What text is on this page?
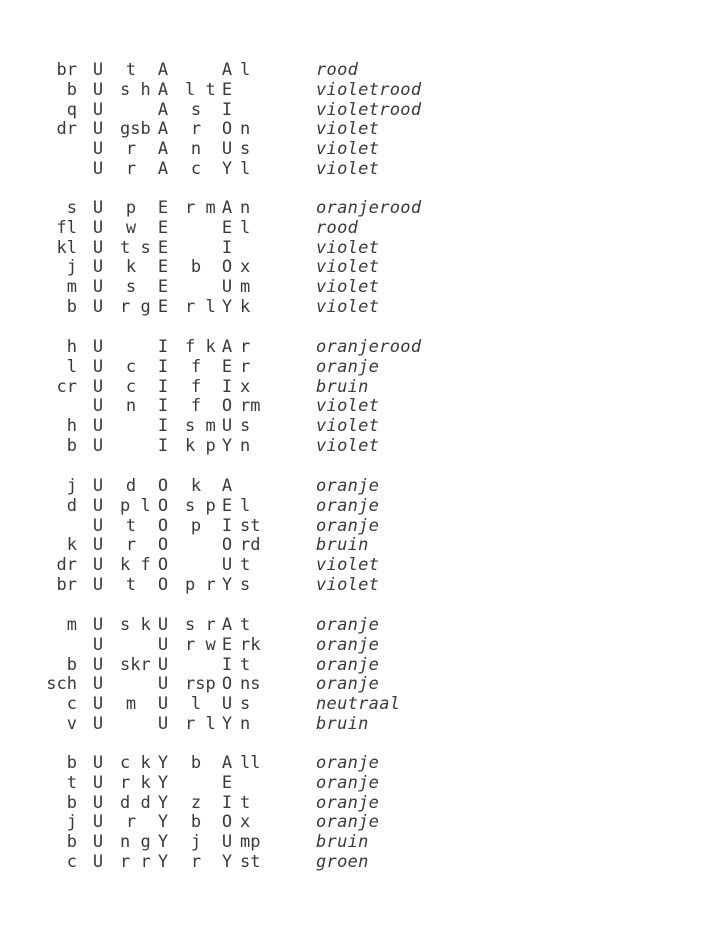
br U	t	A	A l	rood
b U s h A l t E	violetrood
q U	A	s	I	violetrood
dr U gsb A	r	O n	violet
U	r	A	n	U s	violet
U	r	A	c	Y l	violet
s U	p	E r m A n	oranjerood
fl U	w	E	E l	rood
kl U t s E	I	violet
j U	k	E	b	O x	violet
m U	s	E	U m	violet
b U r g E r l Y k	violet
h U	I f k A r	oranjerood
l U	c	I	f	E r	oranje
cr U	c	I	f	I x	bruin
U	n	I	f	O rm	violet
h U	I s m U s	violet
b U	I k p Y n	violet
j U	d	O	k	A	oranje
d U p l O s p E l	oranje
U	t	O	p	I st	oranje
k U	r	O	O rd	bruin
dr U k f O	U t	violet
br U	t	O p r Y s	violet
m U s k U s r A t	oranje
U	U r w E rk	oranje
b U skr U	I t	oranje
sch U	U rsp O ns	oranje
c U	m	U	l	U s	neutraal
v U	U r l Y n	bruin
b U c k Y	b	A ll	oranje
t U r k Y	E	oranje
b U d d Y	z	I t	oranje
j U	r	Y	b	O x	oranje
b U n g Y	j	U mp	bruin
c U r r Y	r	Y st	groen
